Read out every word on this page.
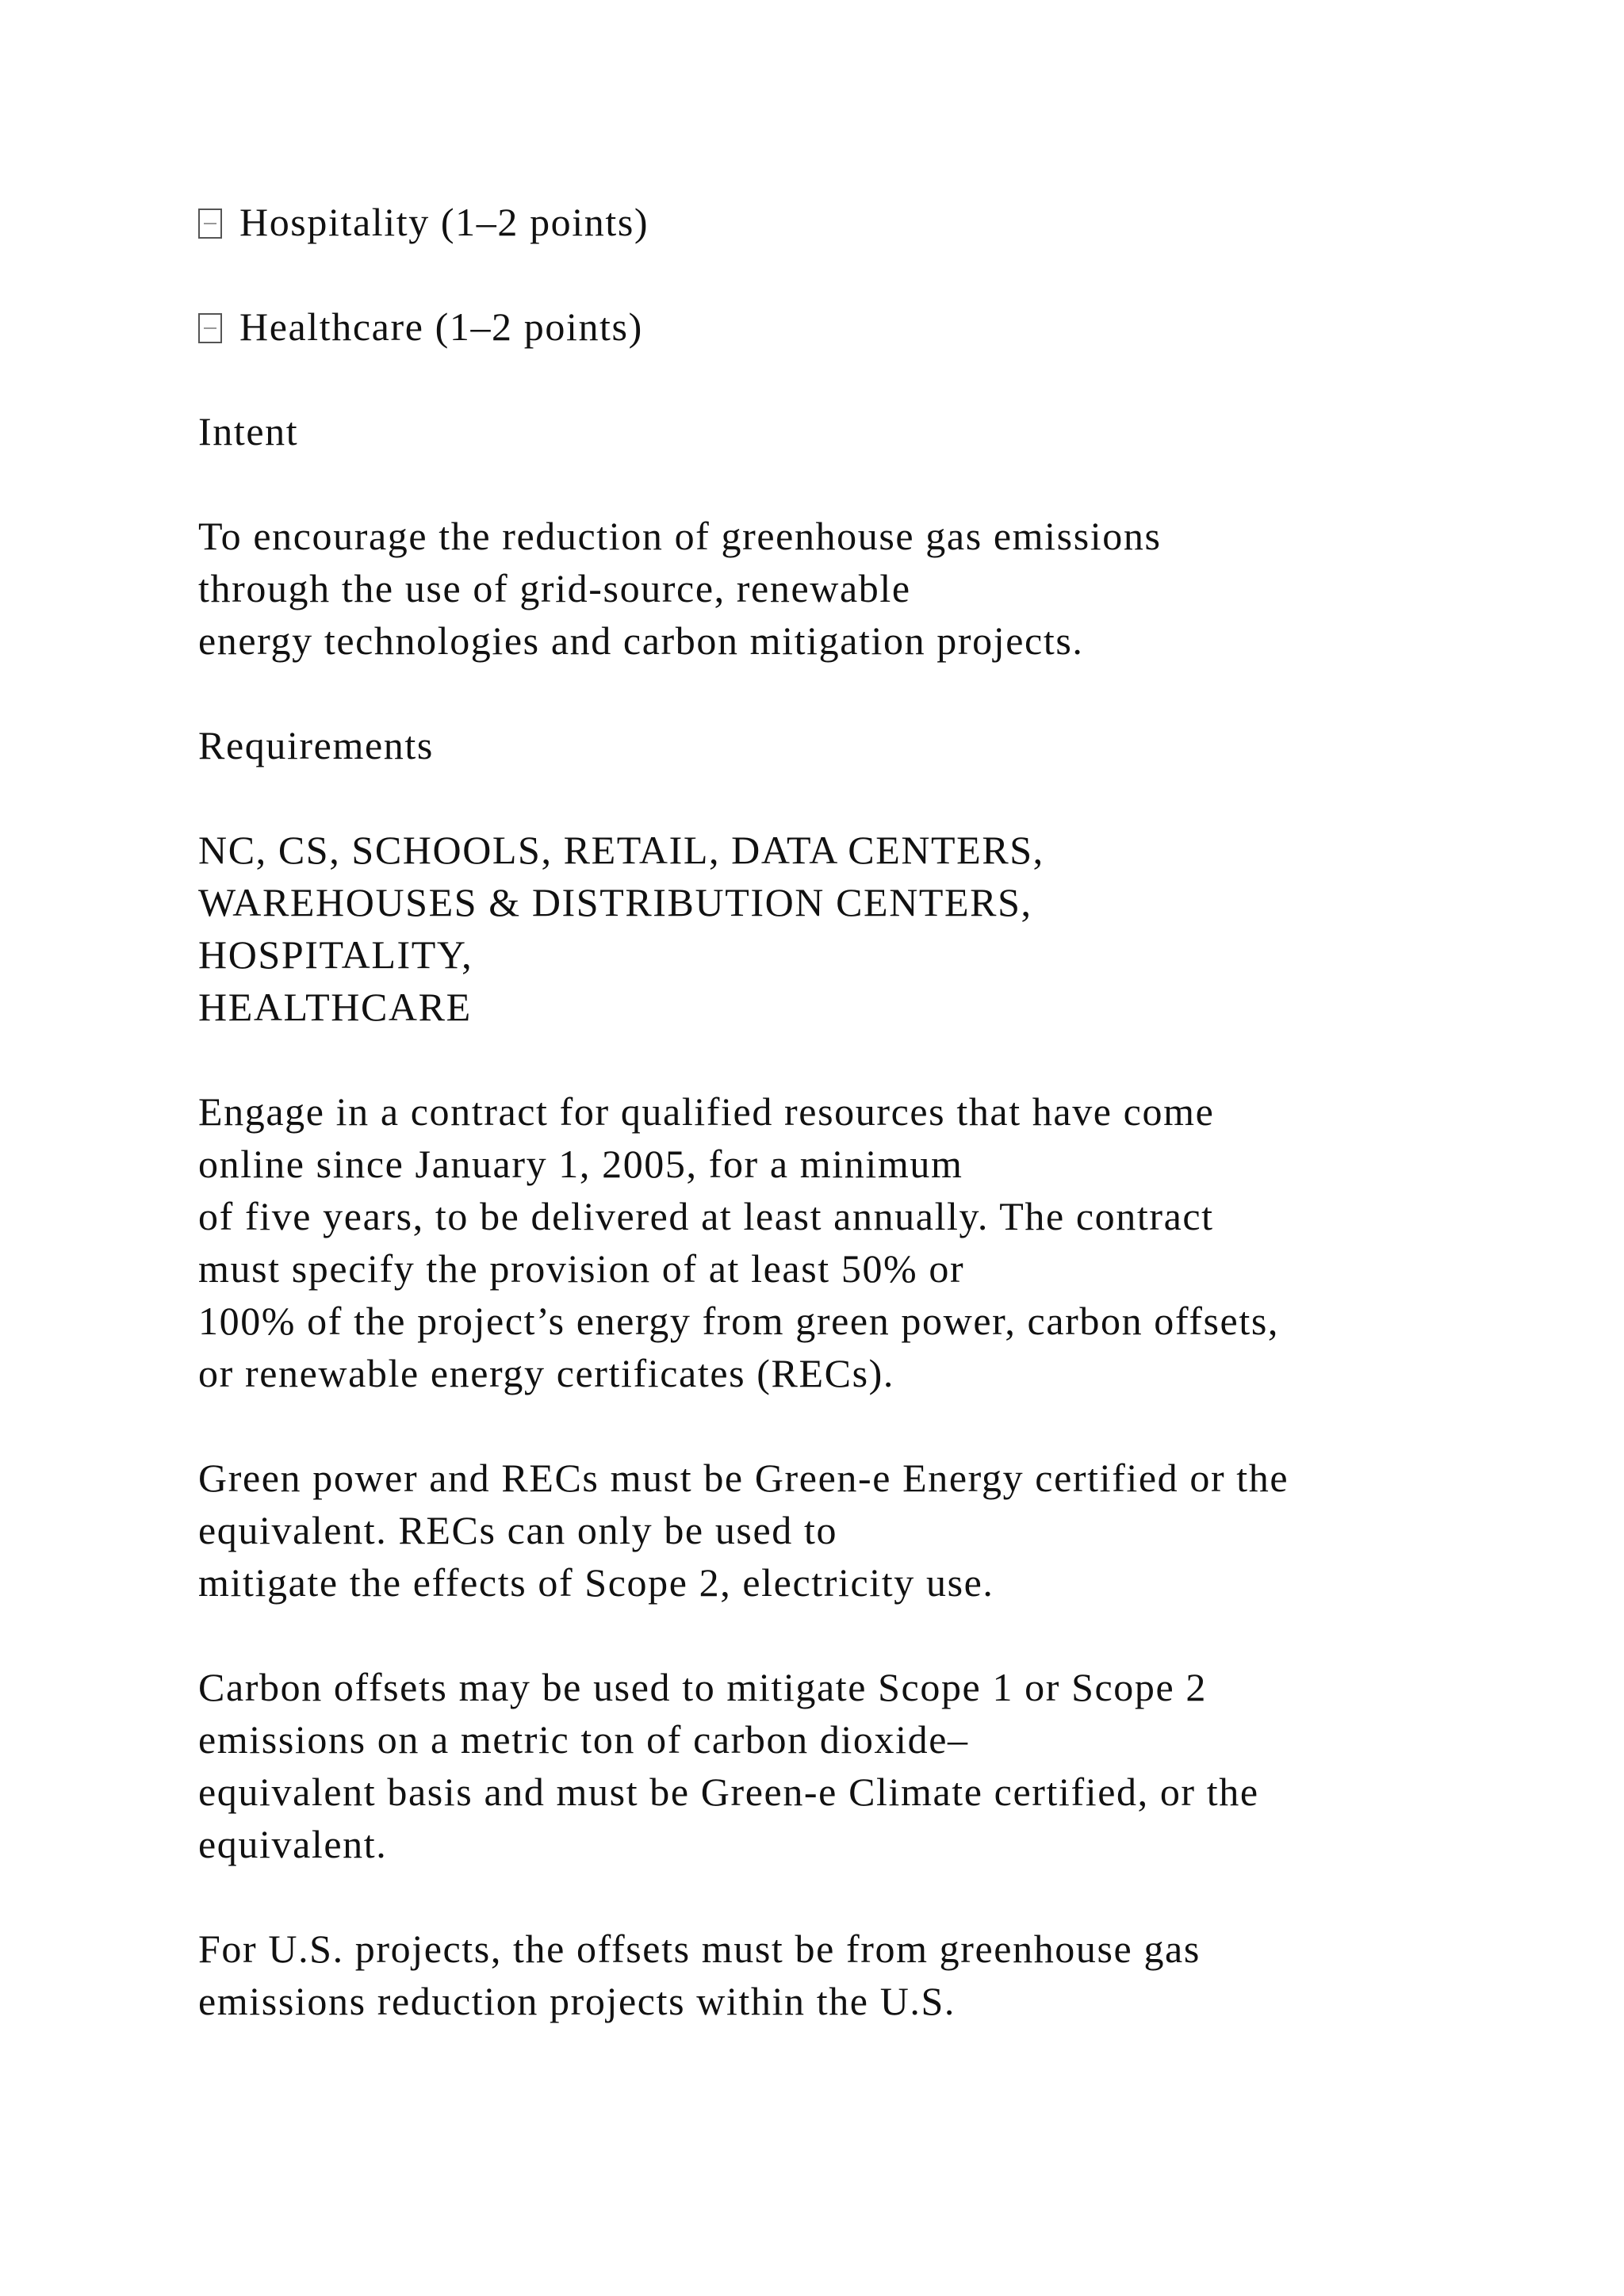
Hospitality (1–2 points)
Healthcare (1–2 points)
Intent
To encourage the reduction of greenhouse gas emissions
through the use of grid-source, renewable
energy technologies and carbon mitigation projects.
Requirements
NC, CS, SCHOOLS, RETAIL, DATA CENTERS,
WAREHOUSES & DISTRIBUTION CENTERS,
HOSPITALITY,
HEALTHCARE
Engage in a contract for qualified resources that have come
online since January 1, 2005, for a minimum
of five years, to be delivered at least annually. The contract
must specify the provision of at least 50% or
100% of the project’s energy from green power, carbon offsets,
or renewable energy certificates (RECs).
Green power and RECs must be Green-e Energy certified or the
equivalent. RECs can only be used to
mitigate the effects of Scope 2, electricity use.
Carbon offsets may be used to mitigate Scope 1 or Scope 2
emissions on a metric ton of carbon dioxide–
equivalent basis and must be Green-e Climate certified, or the
equivalent.
For U.S. projects, the offsets must be from greenhouse gas
emissions reduction projects within the U.S.
